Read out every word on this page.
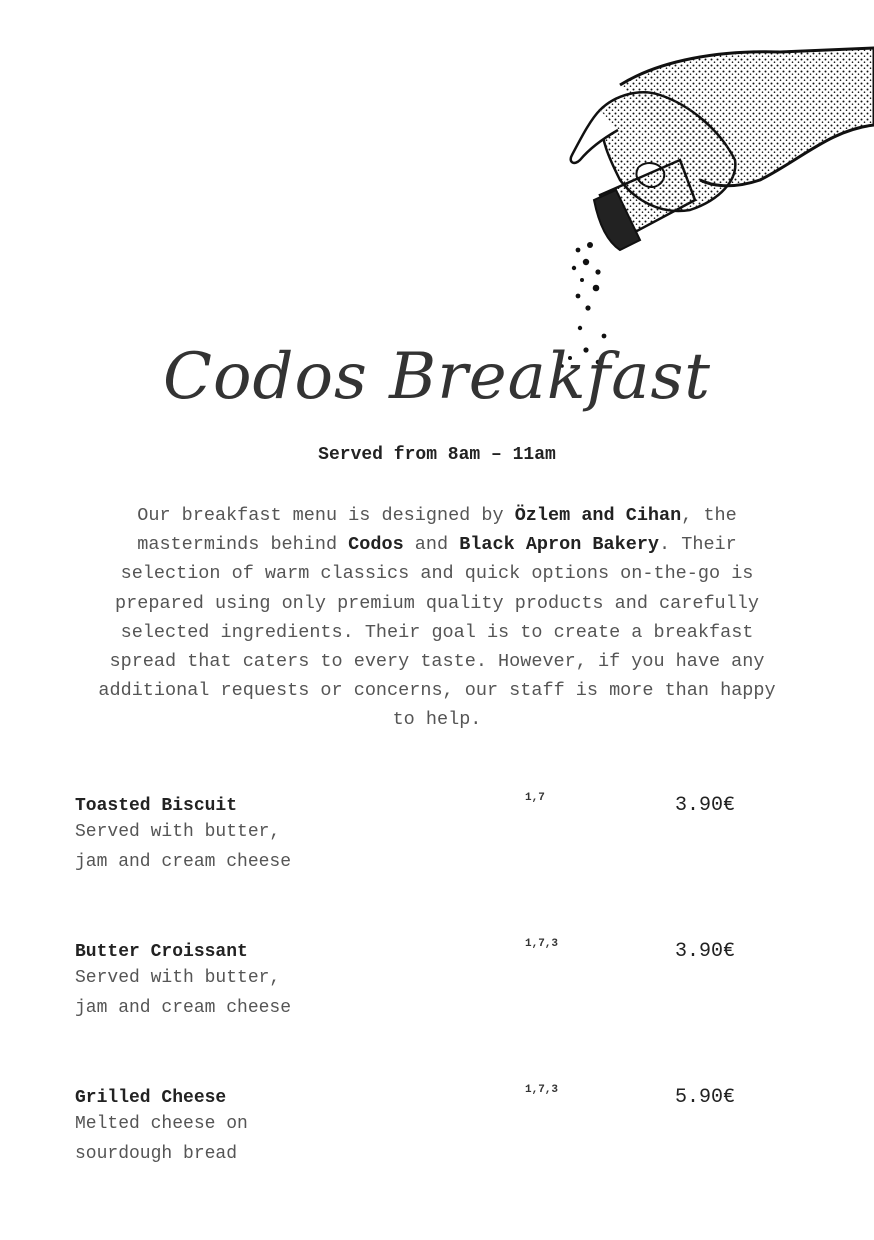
Codos Breakfast
Served from 8am – 11am
Our breakfast menu is designed by Özlem and Cihan, the masterminds behind Codos and Black Apron Bakery. Their selection of warm classics and quick options on-the-go is prepared using only premium quality products and carefully selected ingredients. Their goal is to create a breakfast spread that caters to every taste. However, if you have any additional requests or concerns, our staff is more than happy to help.
Toasted Biscuit	1,7	3.90€
Served with butter,
jam and cream cheese
Butter Croissant	1,7,3	3.90€
Served with butter,
jam and cream cheese
Grilled Cheese	1,7,3	5.90€
Melted cheese on
sourdough bread
